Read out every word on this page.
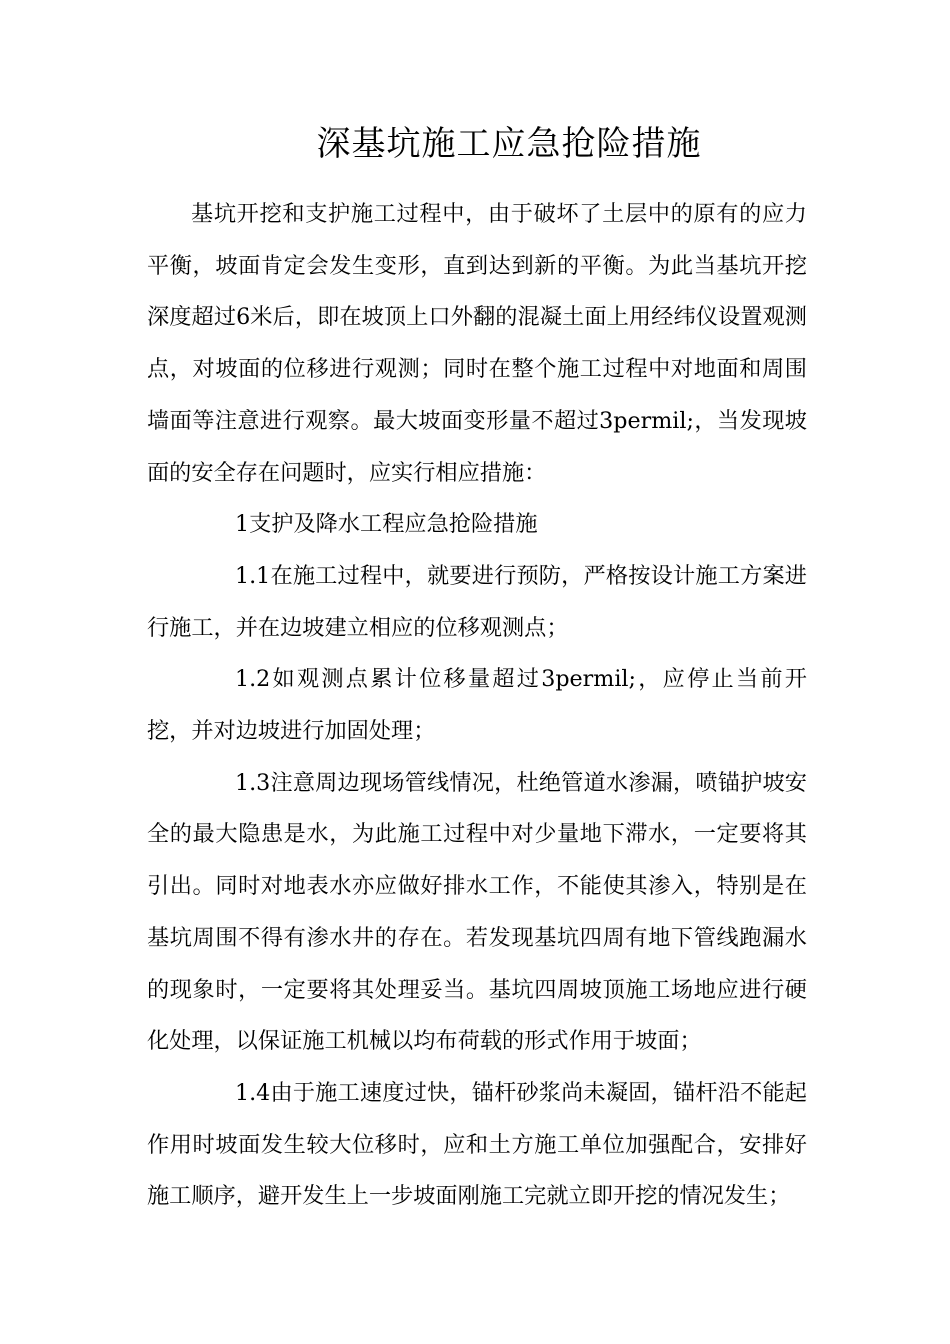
深基坑施工应急抢险措施

基坑开挖和支护施工过程中，由于破坏了土层中的原有的应力平衡，坡面肯定会发生变形，直到达到新的平衡。为此当基坑开挖深度超过6米后，即在坡顶上口外翻的混凝土面上用经纬仪设置观测点，对坡面的位移进行观测；同时在整个施工过程中对地面和周围墙面等注意进行观察。最大坡面变形量不超过3permil;，当发现坡面的安全存在问题时，应实行相应措施：

1支护及降水工程应急抢险措施

1.1在施工过程中，就要进行预防，严格按设计施工方案进行施工，并在边坡建立相应的位移观测点；

1.2如观测点累计位移量超过3permil;，应停止当前开挖，并对边坡进行加固处理；

1.3注意周边现场管线情况，杜绝管道水渗漏，喷锚护坡安全的最大隐患是水，为此施工过程中对少量地下滞水，一定要将其引出。同时对地表水亦应做好排水工作，不能使其渗入，特别是在基坑周围不得有渗水井的存在。若发现基坑四周有地下管线跑漏水的现象时，一定要将其处理妥当。基坑四周坡顶施工场地应进行硬化处理，以保证施工机械以均布荷载的形式作用于坡面；

1.4由于施工速度过快，锚杆砂浆尚未凝固，锚杆沿不能起作用时坡面发生较大位移时，应和土方施工单位加强配合，安排好施工顺序，避开发生上一步坡面刚施工完就立即开挖的情况发生；
